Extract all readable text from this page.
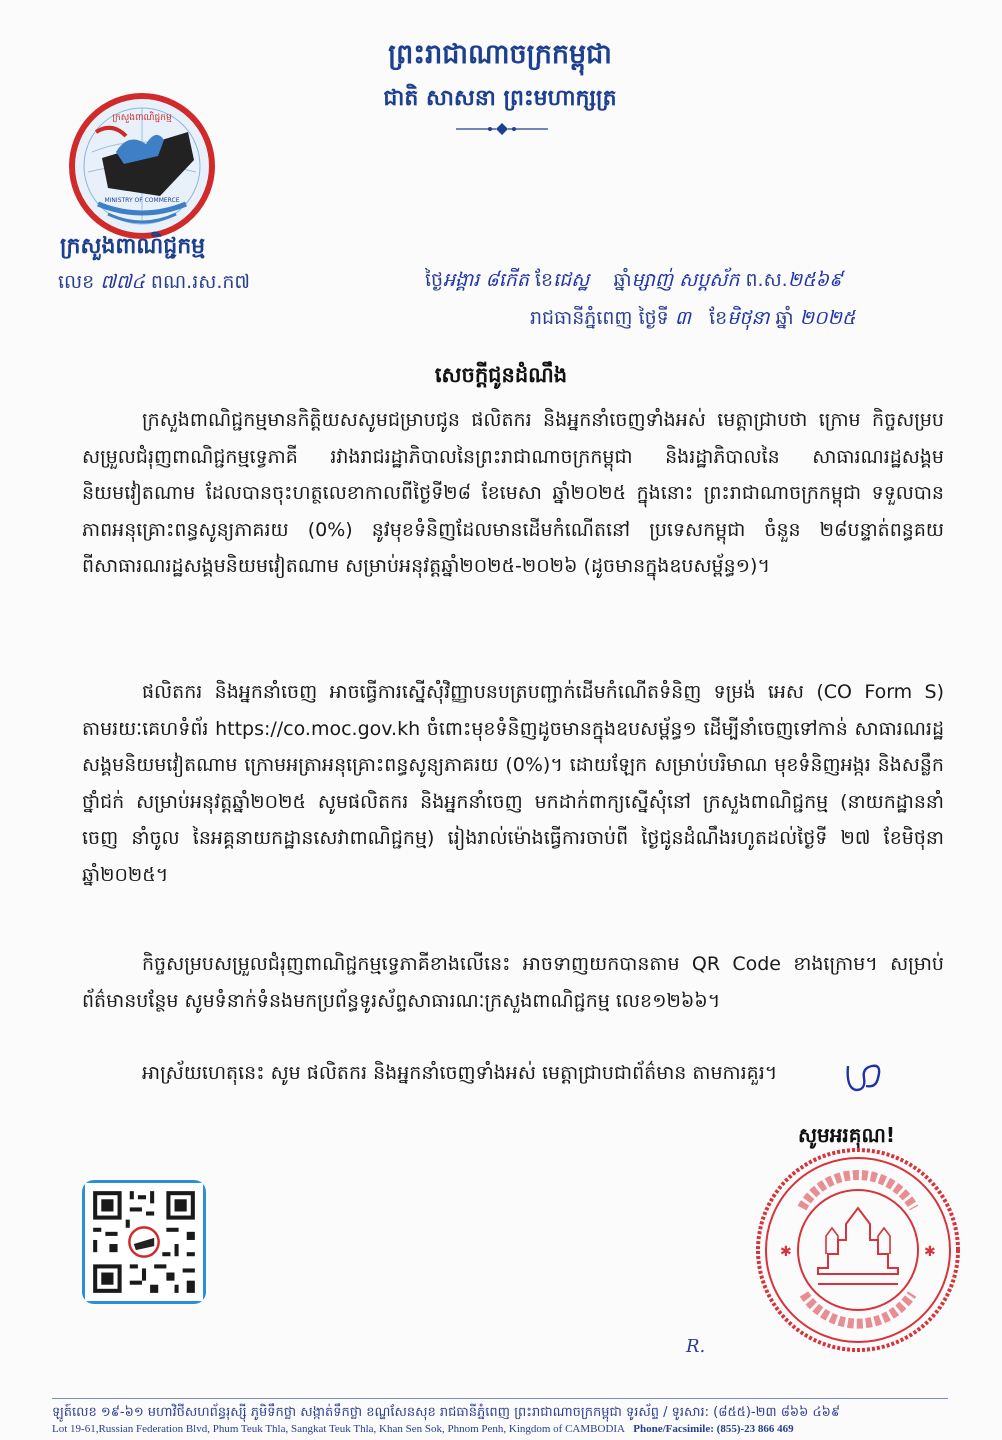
ព្រះរាជាណាចក្រកម្ពុជា
ជាតិ សាសនា ព្រះមហាក្សត្រ
ក្រសួងពាណិជ្ជកម្ម
MINISTRY OF COMMERCE
ក្រសួងពាណិជ្ជកម្ម
លេខ ៧៧៤ ពណ.រស.ក៧	ថ្ងៃអង្គារ ៨កើត ខែជេស្ឋ ឆ្នាំម្សាញ់ សប្តស័ក ព.ស.២៥៦៩
រាជធានីភ្នំពេញ ថ្ងៃទី ៣ ខែមិថុនា ឆ្នាំ ២០២៥
សេចក្តីជូនដំណឹង
ក្រសួងពាណិជ្ជកម្មមានកិត្តិយសសូមជម្រាបជូន ផលិតករ និងអ្នកនាំចេញទាំងអស់ មេត្តាជ្រាបថា ក្រោម កិច្ចសម្របសម្រួលជំរុញពាណិជ្ជកម្មទ្វេភាគី រវាងរាជរដ្ឋាភិបាលនៃព្រះរាជាណាចក្រកម្ពុជា និងរដ្ឋាភិបាលនៃ សាធារណរដ្ឋសង្គមនិយមវៀតណាម ដែលបានចុះហត្ថលេខាកាលពីថ្ងៃទី២៨ ខែមេសា ឆ្នាំ២០២៥ ក្នុងនោះ ព្រះរាជាណាចក្រកម្ពុជា ទទួលបានភាពអនុគ្រោះពន្ធសូន្យភាគរយ (0%) នូវមុខទំនិញដែលមានដើមកំណើតនៅ ប្រទេសកម្ពុជា ចំនួន ២៨បន្ទាត់ពន្ធគយ ពីសាធារណរដ្ឋសង្គមនិយមវៀតណាម សម្រាប់អនុវត្តឆ្នាំ២០២៥-២០២៦ (ដូចមានក្នុងឧបសម្ព័ន្ធ១)។
ផលិតករ និងអ្នកនាំចេញ អាចធ្វើការស្នើសុំវិញ្ញាបនបត្របញ្ជាក់ដើមកំណើតទំនិញ ទម្រង់ អេស (CO Form S) តាមរយៈគេហទំព័រ https://co.moc.gov.kh ចំពោះមុខទំនិញដូចមានក្នុងឧបសម្ព័ន្ធ១ ដើម្បីនាំចេញទៅកាន់ សាធារណរដ្ឋសង្គមនិយមវៀតណាម ក្រោមអត្រាអនុគ្រោះពន្ធសូន្យភាគរយ (0%)។ ដោយឡែក សម្រាប់បរិមាណ មុខទំនិញអង្ករ និងសន្លឹកថ្នាំជក់ សម្រាប់អនុវត្តឆ្នាំ២០២៥ សូមផលិតករ និងអ្នកនាំចេញ មកដាក់ពាក្យស្នើសុំនៅ ក្រសួងពាណិជ្ជកម្ម (នាយកដ្ឋាននាំចេញ នាំចូល នៃអគ្គនាយកដ្ឋានសេវាពាណិជ្ជកម្ម) រៀងរាល់ម៉ោងធ្វើការចាប់ពី ថ្ងៃជូនដំណឹងរហូតដល់ថ្ងៃទី ២៧ ខែមិថុនា ឆ្នាំ២០២៥។
កិច្ចសម្របសម្រួលជំរុញពាណិជ្ជកម្មទ្វេភាគីខាងលើនេះ អាចទាញយកបានតាម QR Code ខាងក្រោម។ សម្រាប់ព័ត៌មានបន្ថែម សូមទំនាក់ទំនងមកប្រព័ន្ធទូរស័ព្ទសាធារណៈក្រសួងពាណិជ្ជកម្ម លេខ១២៦៦។
អាស្រ័យហេតុនេះ សូម ផលិតករ និងអ្នកនាំចេញទាំងអស់ មេត្តាជ្រាបជាព័ត៌មាន តាមការគួរ។
សូមអរគុណ!
✱	✱
R.
ឡូត៍លេខ ១៩-៦១ មហាវិថីសហព័ន្ធរុស្ស៊ី ភូមិទឹកថ្លា សង្កាត់ទឹកថ្លា ខណ្ឌសែនសុខ រាជធានីភ្នំពេញ ព្រះរាជាណាចក្រកម្ពុជា ទូរស័ព្ទ / ទូរសារ: (៨៥៥)-២៣ ៨៦៦ ៤៦៩
Lot 19-61,Russian Federation Blvd, Phum Teuk Thla, Sangkat Teuk Thla, Khan Sen Sok, Phnom Penh, Kingdom of CAMBODIA Phone/Facsimile: (855)-23 866 469
